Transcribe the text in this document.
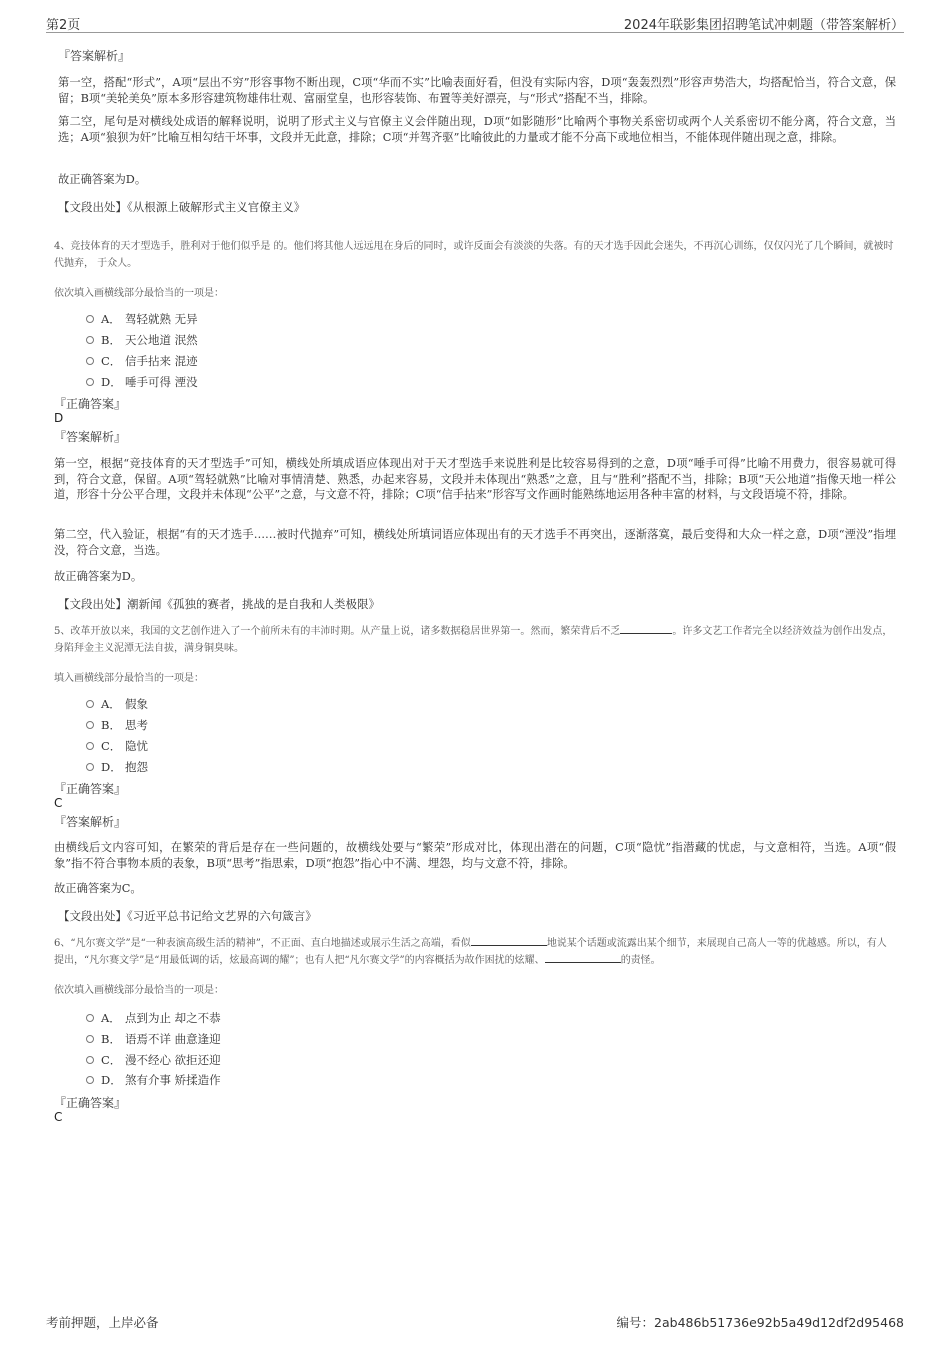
第2页	2024年联影集团招聘笔试冲刺题（带答案解析）
『答案解析』
第一空，搭配“形式”，A项“层出不穷”形容事物不断出现，C项“华而不实”比喻表面好看，但没有实际内容，D项“轰轰烈烈”形容声势浩大，均搭配恰当，符合文意，保留；B项“美轮美奂”原本多形容建筑物雄伟壮观、富丽堂皇，也形容装饰、布置等美好漂亮，与“形式”搭配不当，排除。
第二空，尾句是对横线处成语的解释说明，说明了形式主义与官僚主义会伴随出现，D项“如影随形”比喻两个事物关系密切或两个人关系密切不能分离，符合文意，当选；A项“狼狈为奸”比喻互相勾结干坏事，文段并无此意，排除；C项“并驾齐驱”比喻彼此的力量或才能不分高下或地位相当，不能体现伴随出现之意，排除。
故正确答案为D。
【文段出处】《从根源上破解形式主义官僚主义》
4、竞技体育的天才型选手，胜利对于他们似乎是 的。他们将其他人远远甩在身后的同时，或许反面会有淡淡的失落。有的天才选手因此会迷失，不再沉心训练，仅仅闪光了几个瞬间，就被时代抛弃， 于众人。
依次填入画横线部分最恰当的一项是：
A． 驾轻就熟 无异
B． 天公地道 泯然
C． 信手拈来 混迹
D． 唾手可得 湮没
『正确答案』
D
『答案解析』
第一空，根据“竞技体育的天才型选手”可知，横线处所填成语应体现出对于天才型选手来说胜利是比较容易得到的之意，D项“唾手可得”比喻不用费力，很容易就可得到，符合文意，保留。A项“驾轻就熟”比喻对事情清楚、熟悉，办起来容易，文段并未体现出“熟悉”之意，且与“胜利”搭配不当，排除；B项“天公地道”指像天地一样公道，形容十分公平合理，文段并未体现“公平”之意，与文意不符，排除；C项“信手拈来”形容写文作画时能熟练地运用各种丰富的材料，与文段语境不符，排除。
第二空，代入验证，根据“有的天才选手……被时代抛弃”可知，横线处所填词语应体现出有的天才选手不再突出，逐渐落寞，最后变得和大众一样之意，D项“湮没”指埋没，符合文意，当选。
故正确答案为D。
【文段出处】潮新闻《孤独的赛者，挑战的是自我和人类极限》
5、改革开放以来，我国的文艺创作进入了一个前所未有的丰沛时期。从产量上说，诸多数据稳居世界第一。然而，繁荣背后不乏	。许多文艺工作者完全以经济效益为创作出发点，身陷拜金主义泥潭无法自拔，满身铜臭味。
填入画横线部分最恰当的一项是：
A． 假象
B． 思考
C． 隐忧
D． 抱怨
『正确答案』
C
『答案解析』
由横线后文内容可知，在繁荣的背后是存在一些问题的，故横线处要与“繁荣”形成对比，体现出潜在的问题，C项“隐忧”指潜藏的忧虑，与文意相符，当选。A项“假象”指不符合事物本质的表象，B项“思考”指思索，D项“抱怨”指心中不满、埋怨，均与文意不符，排除。
故正确答案为C。
【文段出处】《习近平总书记给文艺界的六句箴言》
6、“凡尔赛文学”是“一种表演高级生活的精神”，不正面、直白地描述或展示生活之高端，看似	地说某个话题或流露出某个细节，来展现自己高人一等的优越感。所以，有人提出，“凡尔赛文学”是“用最低调的话，炫最高调的耀”；也有人把“凡尔赛文学”的内容概括为故作困扰的炫耀、	的责怪。
依次填入画横线部分最恰当的一项是：
A． 点到为止 却之不恭
B． 语焉不详 曲意逢迎
C． 漫不经心 欲拒还迎
D． 煞有介事 矫揉造作
『正确答案』
C
考前押题，上岸必备	编号：2ab486b51736e92b5a49d12df2d95468
